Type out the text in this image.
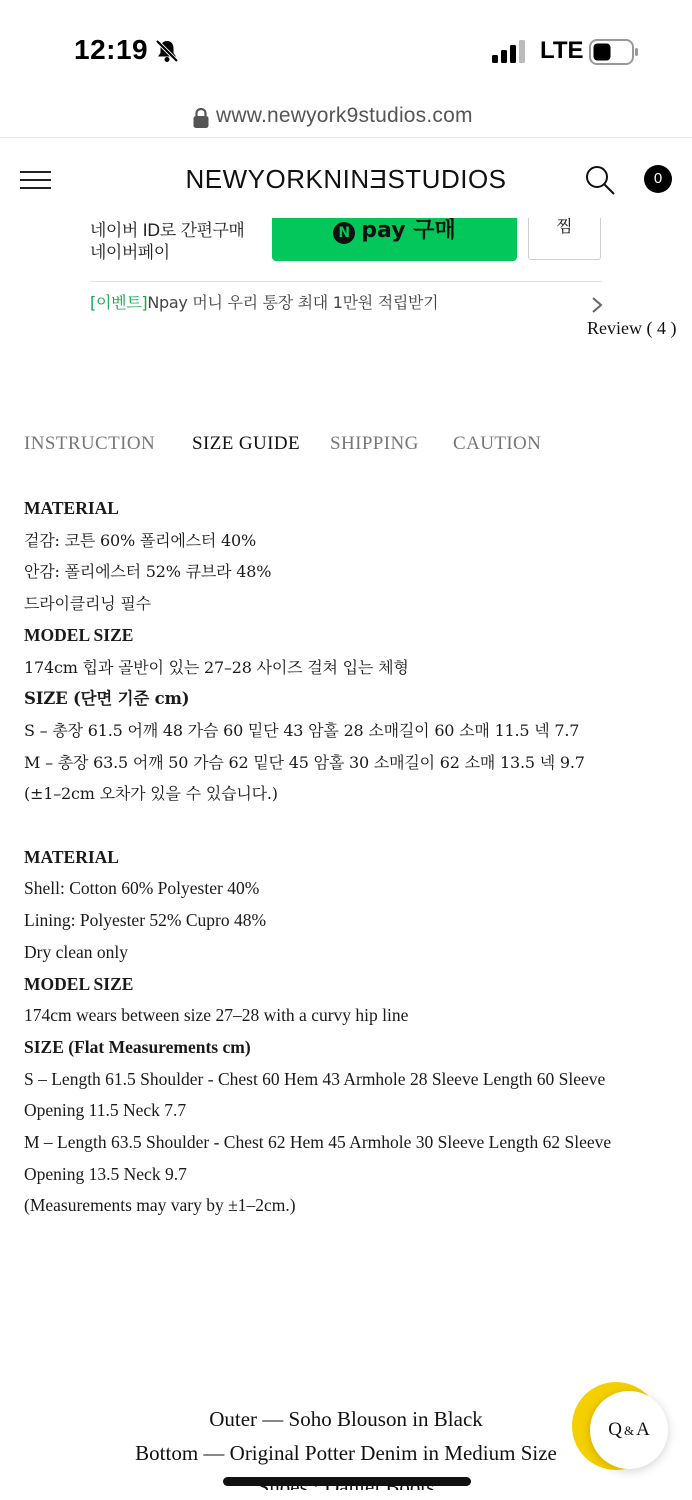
12:19	LTE
www.newyork9studios.com
NEWYORKNINƎSTUDIOS	0
네이버 ID로 간편구매
네이버페이
N pay 구매	찜
[이벤트]Npay 머니 우리 통장 최대 1만원 적립받기
Review ( 4 )
INSTRUCTION SIZE GUIDE SHIPPING CAUTION
MATERIAL
겉감: 코튼 60% 폴리에스터 40%
안감: 폴리에스터 52% 큐브라 48%
드라이클리닝 필수
MODEL SIZE
174cm 힙과 골반이 있는 27–28 사이즈 걸쳐 입는 체형
SIZE (단면 기준 cm)
S – 총장 61.5 어깨 48 가슴 60 밑단 43 암홀 28 소매길이 60 소매 11.5 넥 7.7
M – 총장 63.5 어깨 50 가슴 62 밑단 45 암홀 30 소매길이 62 소매 13.5 넥 9.7
(±1–2cm 오차가 있을 수 있습니다.)
MATERIAL
Shell: Cotton 60% Polyester 40%
Lining: Polyester 52% Cupro 48%
Dry clean only
MODEL SIZE
174cm wears between size 27–28 with a curvy hip line
SIZE (Flat Measurements cm)
S – Length 61.5 Shoulder - Chest 60 Hem 43 Armhole 28 Sleeve Length 60 Sleeve
Opening 11.5 Neck 7.7
M – Length 63.5 Shoulder - Chest 62 Hem 45 Armhole 30 Sleeve Length 62 Sleeve
Opening 13.5 Neck 9.7
(Measurements may vary by ±1–2cm.)
Outer — Soho Blouson in Black
Bottom — Original Potter Denim in Medium Size
Q & A
